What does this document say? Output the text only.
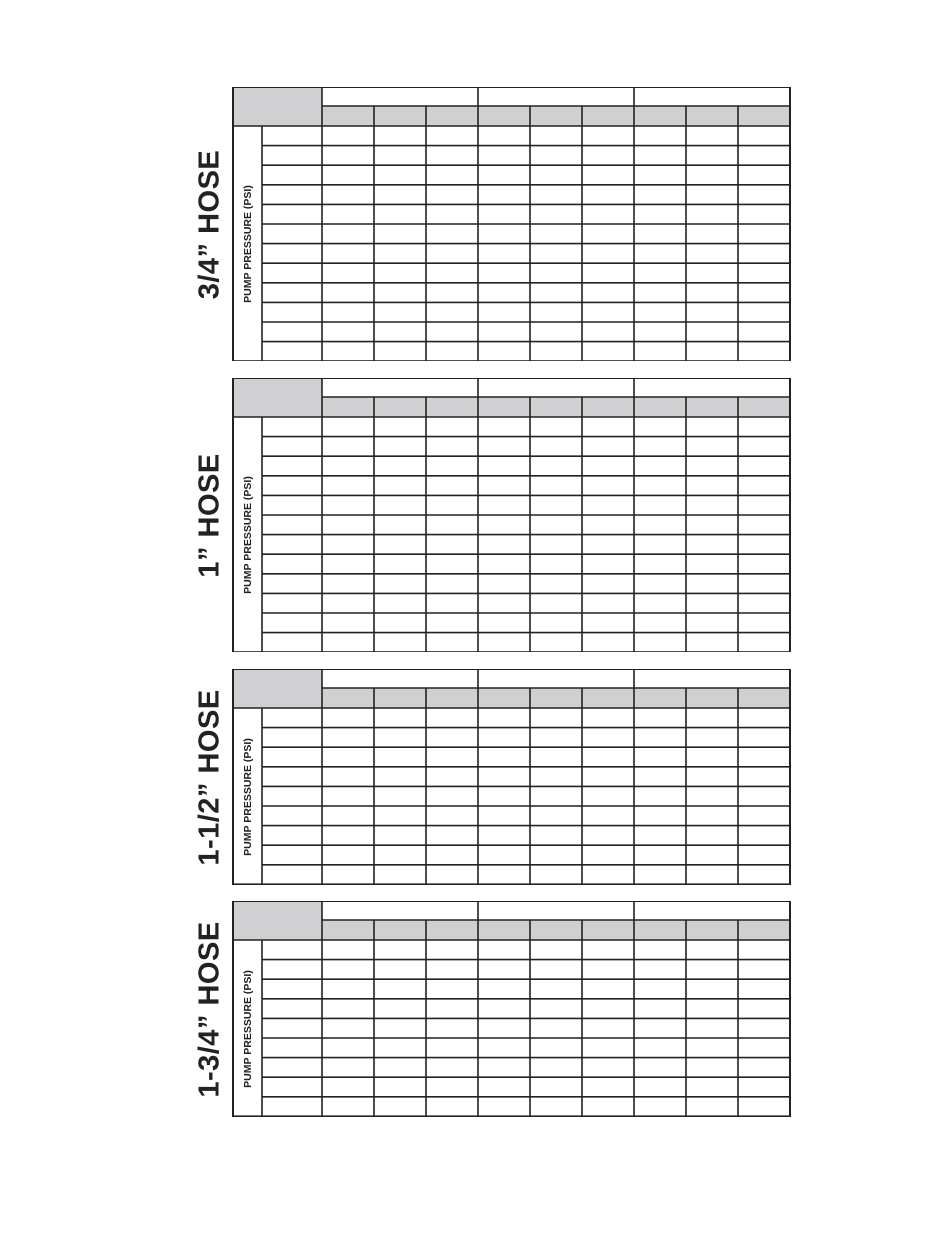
3/4” HOSE PUMP PRESSURE (PSI)
1” HOSE PUMP PRESSURE (PSI)
1-1/2” HOSE PUMP PRESSURE (PSI)
1-3/4” HOSE PUMP PRESSURE (PSI)
